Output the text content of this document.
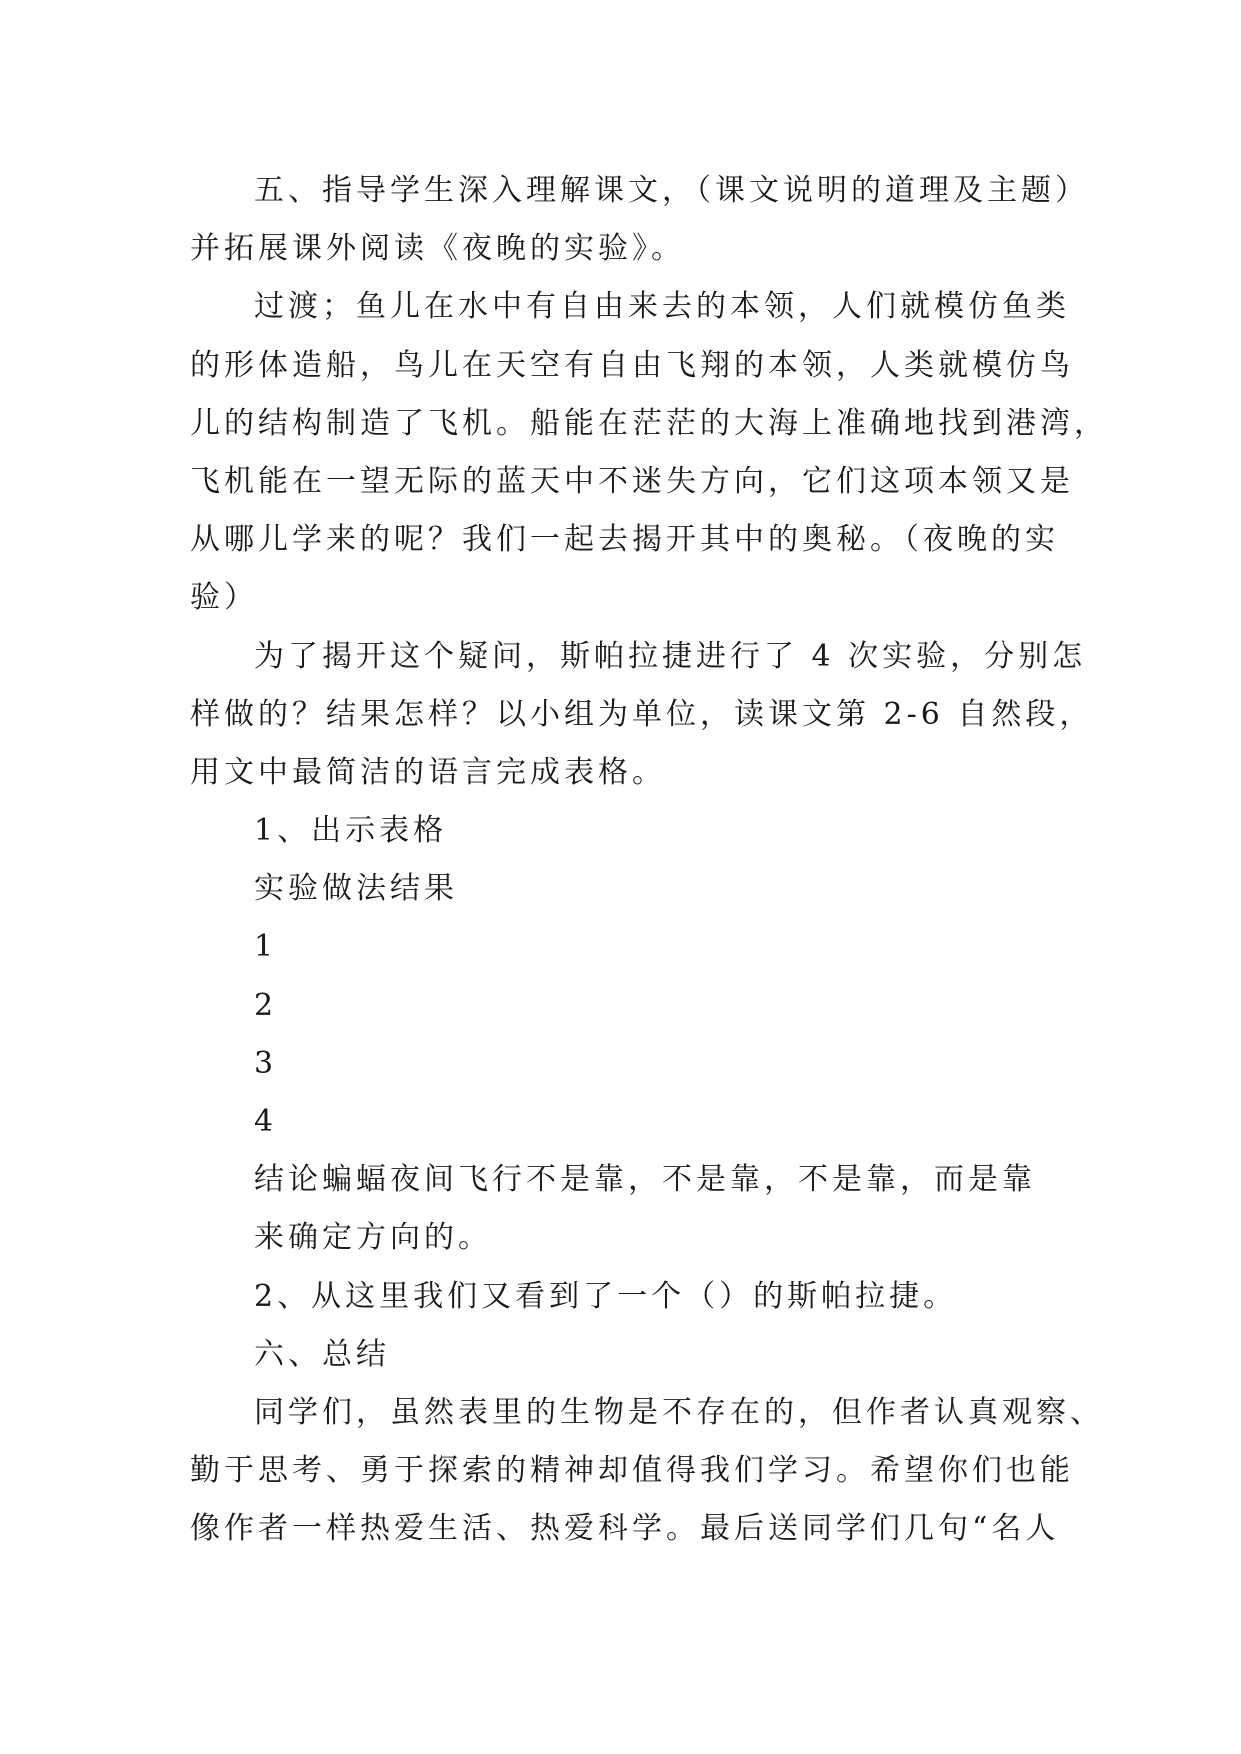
五、指导学生深入理解课文，（课文说明的道理及主题）
并拓展课外阅读《夜晚的实验》。
过渡；鱼儿在水中有自由来去的本领，人们就模仿鱼类
的形体造船，鸟儿在天空有自由飞翔的本领，人类就模仿鸟
儿的结构制造了飞机。船能在茫茫的大海上准确地找到港湾，
飞机能在一望无际的蓝天中不迷失方向，它们这项本领又是
从哪儿学来的呢？我们一起去揭开其中的奥秘。（夜晚的实
验）
为了揭开这个疑问，斯帕拉捷进行了 4 次实验，分别怎
样做的？结果怎样？以小组为单位，读课文第 2-6 自然段，
用文中最简洁的语言完成表格。
1、出示表格
实验做法结果
1
2
3
4
结论蝙蝠夜间飞行不是靠，不是靠，不是靠，而是靠
来确定方向的。
2、从这里我们又看到了一个（）的斯帕拉捷。
六、总结
同学们，虽然表里的生物是不存在的，但作者认真观察、
勤于思考、勇于探索的精神却值得我们学习。希望你们也能
像作者一样热爱生活、热爱科学。最后送同学们几句“名人
